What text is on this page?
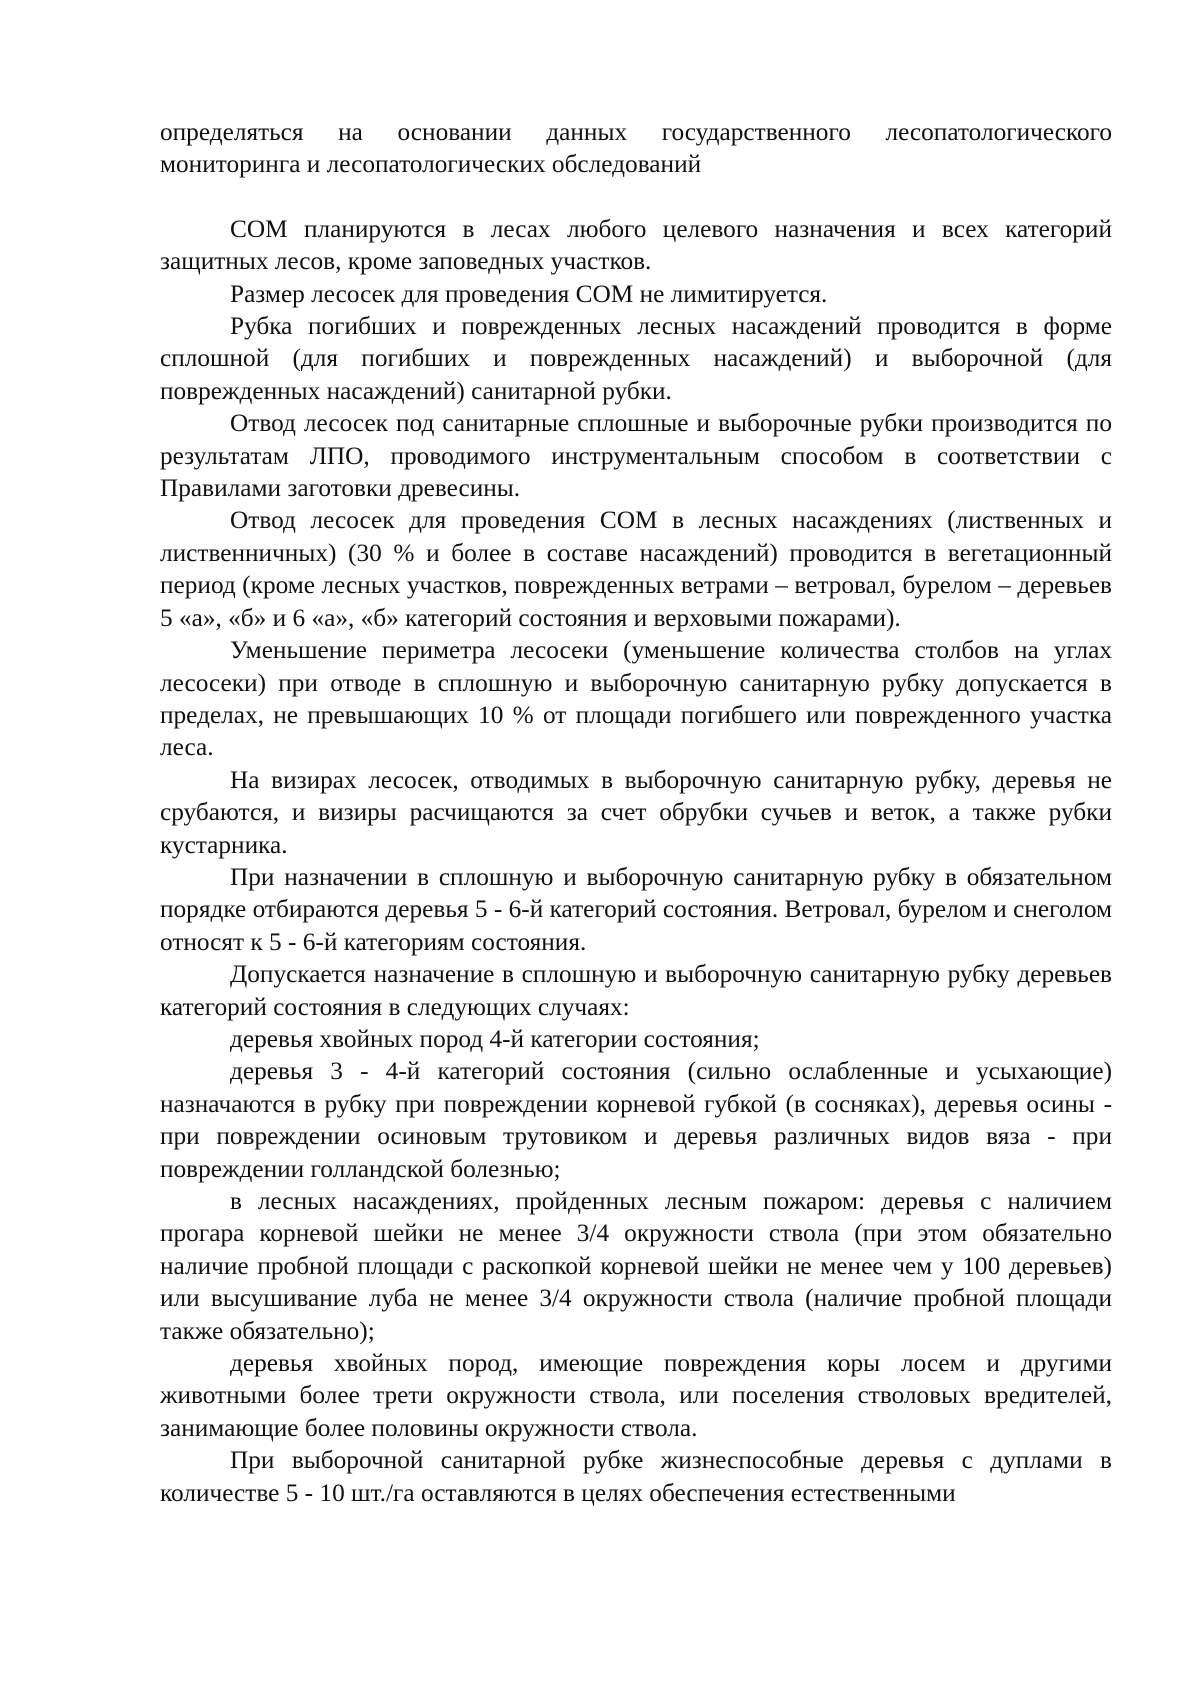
определяться на основании данных государственного лесопатологического мониторинга и лесопатологических обследований

СОМ планируются в лесах любого целевого назначения и всех категорий защитных лесов, кроме заповедных участков.

Размер лесосек для проведения СОМ не лимитируется.

Рубка погибших и поврежденных лесных насаждений проводится в форме сплошной (для погибших и поврежденных насаждений) и выборочной (для поврежденных насаждений) санитарной рубки.

Отвод лесосек под санитарные сплошные и выборочные рубки производится по результатам ЛПО, проводимого инструментальным способом в соответствии с Правилами заготовки древесины.

Отвод лесосек для проведения СОМ в лесных насаждениях (лиственных и лиственничных) (30 % и более в составе насаждений) проводится в вегетационный период (кроме лесных участков, поврежденных ветрами – ветровал, бурелом – деревьев 5 «а», «б» и 6 «а», «б» категорий состояния и верховыми пожарами).

Уменьшение периметра лесосеки (уменьшение количества столбов на углах лесосеки) при отводе в сплошную и выборочную санитарную рубку допускается в пределах, не превышающих 10 % от площади погибшего или поврежденного участка леса.

На визирах лесосек, отводимых в выборочную санитарную рубку, деревья не срубаются, и визиры расчищаются за счет обрубки сучьев и веток, а также рубки кустарника.

При назначении в сплошную и выборочную санитарную рубку в обязательном порядке отбираются деревья 5 - 6-й категорий состояния. Ветровал, бурелом и снеголом относят к 5 - 6-й категориям состояния.

Допускается назначение в сплошную и выборочную санитарную рубку деревьев категорий состояния в следующих случаях:

деревья хвойных пород 4-й категории состояния;

деревья 3 - 4-й категорий состояния (сильно ослабленные и усыхающие) назначаются в рубку при повреждении корневой губкой (в сосняках), деревья осины - при повреждении осиновым трутовиком и деревья различных видов вяза - при повреждении голландской болезнью;

в лесных насаждениях, пройденных лесным пожаром: деревья с наличием прогара корневой шейки не менее 3/4 окружности ствола (при этом обязательно наличие пробной площади с раскопкой корневой шейки не менее чем у 100 деревьев) или высушивание луба не менее 3/4 окружности ствола (наличие пробной площади также обязательно);

деревья хвойных пород, имеющие повреждения коры лосем и другими животными более трети окружности ствола, или поселения стволовых вредителей, занимающие более половины окружности ствола.

При выборочной санитарной рубке жизнеспособные деревья с дуплами в количестве 5 - 10 шт./га оставляются в целях обеспечения естественными
